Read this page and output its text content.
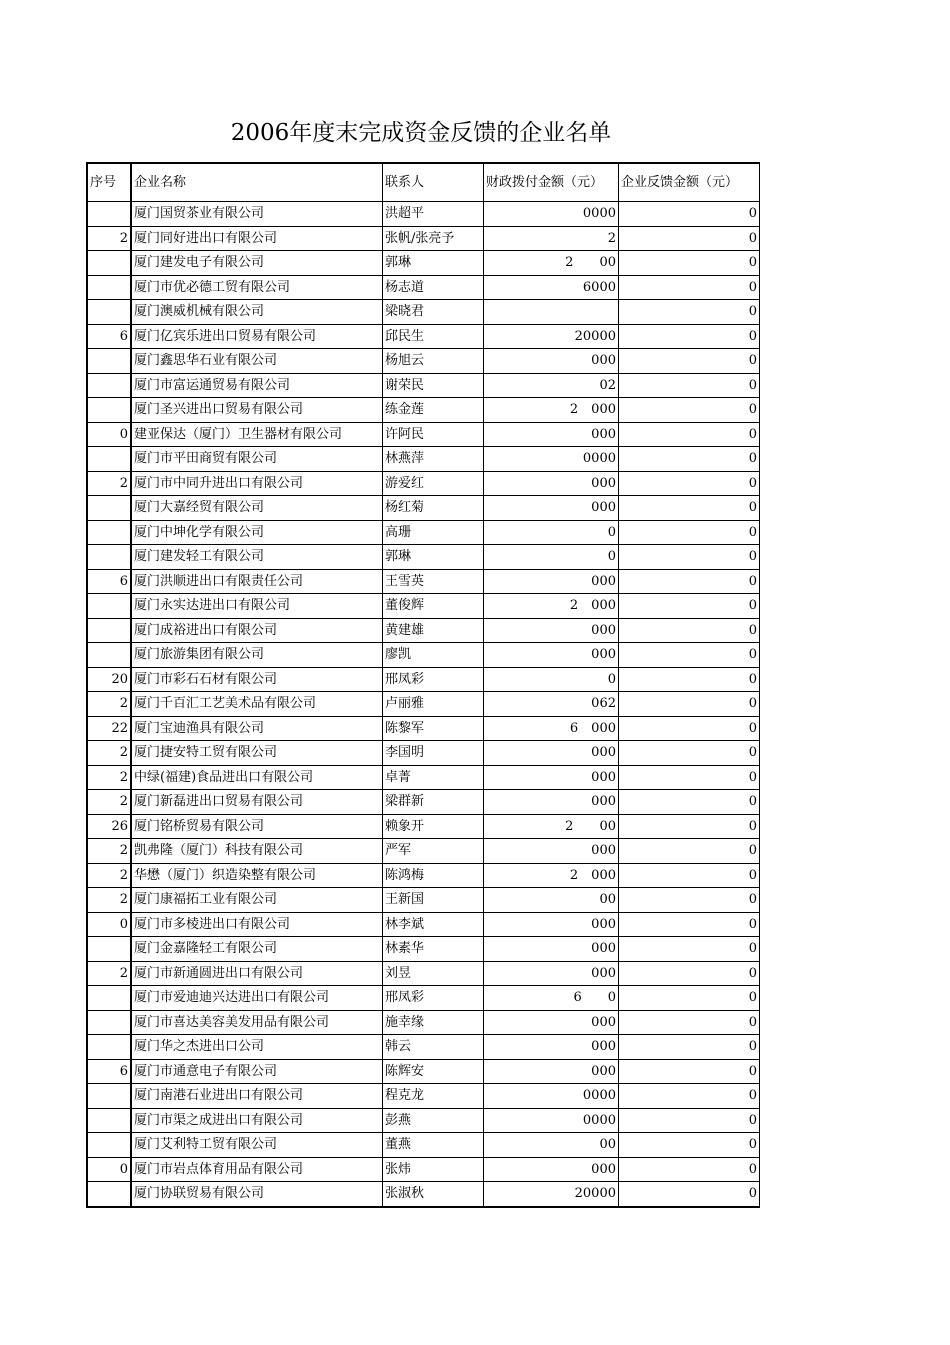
2006年度末完成资金反馈的企业名单
序号	企业名称	联系人	财政拨付金额（元）	企业反馈金额（元）
	厦门国贸茶业有限公司	洪超平	0000	0
2	厦门同好进出口有限公司	张帆/张亮予	2	0
	厦门建发电子有限公司	郭琳	2　　00	0
	厦门市优必德工贸有限公司	杨志道	6000	0
	厦门澳威机械有限公司	梁晓君		0
6	厦门亿宾乐进出口贸易有限公司	邱民生	20000	0
	厦门鑫思华石业有限公司	杨旭云	000	0
	厦门市富运通贸易有限公司	谢荣民	02	0
	厦门圣兴进出口贸易有限公司	练金莲	2　000	0
0	建亚保达（厦门）卫生器材有限公司	许阿民	000	0
	厦门市平田商贸有限公司	林燕萍	0000	0
2	厦门市中同升进出口有限公司	游爱红	000	0
	厦门大嘉经贸有限公司	杨红菊	000	0
	厦门中坤化学有限公司	高珊	0	0
	厦门建发轻工有限公司	郭琳	0	0
6	厦门洪顺进出口有限责任公司	王雪英	000	0
	厦门永实达进出口有限公司	董俊辉	2　000	0
	厦门成裕进出口有限公司	黄建雄	000	0
	厦门旅游集团有限公司	廖凯	000	0
20	厦门市彩石石材有限公司	邢凤彩	0	0
2	厦门千百汇工艺美术品有限公司	卢丽雅	062	0
22	厦门宝迪渔具有限公司	陈黎军	6　000	0
2	厦门捷安特工贸有限公司	李国明	000	0
2	中绿(福建)食品进出口有限公司	卓菁	000	0
2	厦门新磊进出口贸易有限公司	梁群新	000	0
26	厦门铭桥贸易有限公司	赖象开	2　　00	0
2	凯弗隆（厦门）科技有限公司	严军	000	0
2	华懋（厦门）织造染整有限公司	陈鸿梅	2　000	0
2	厦门康福拓工业有限公司	王新国	00	0
0	厦门市多棱进出口有限公司	林李斌	000	0
	厦门金嘉隆轻工有限公司	林素华	000	0
2	厦门市新通圆进出口有限公司	刘昱	000	0
	厦门市爱迪迪兴达进出口有限公司	邢凤彩	6　　0	0
	厦门市喜达美容美发用品有限公司	施幸缘	000	0
	厦门华之杰进出口公司	韩云	000	0
6	厦门市通意电子有限公司	陈辉安	000	0
	厦门南港石业进出口有限公司	程克龙	0000	0
	厦门市渠之成进出口有限公司	彭燕	0000	0
	厦门艾利特工贸有限公司	董燕	00	0
0	厦门市岩点体育用品有限公司	张炜	000	0
	厦门协联贸易有限公司	张淑秋	20000	0
